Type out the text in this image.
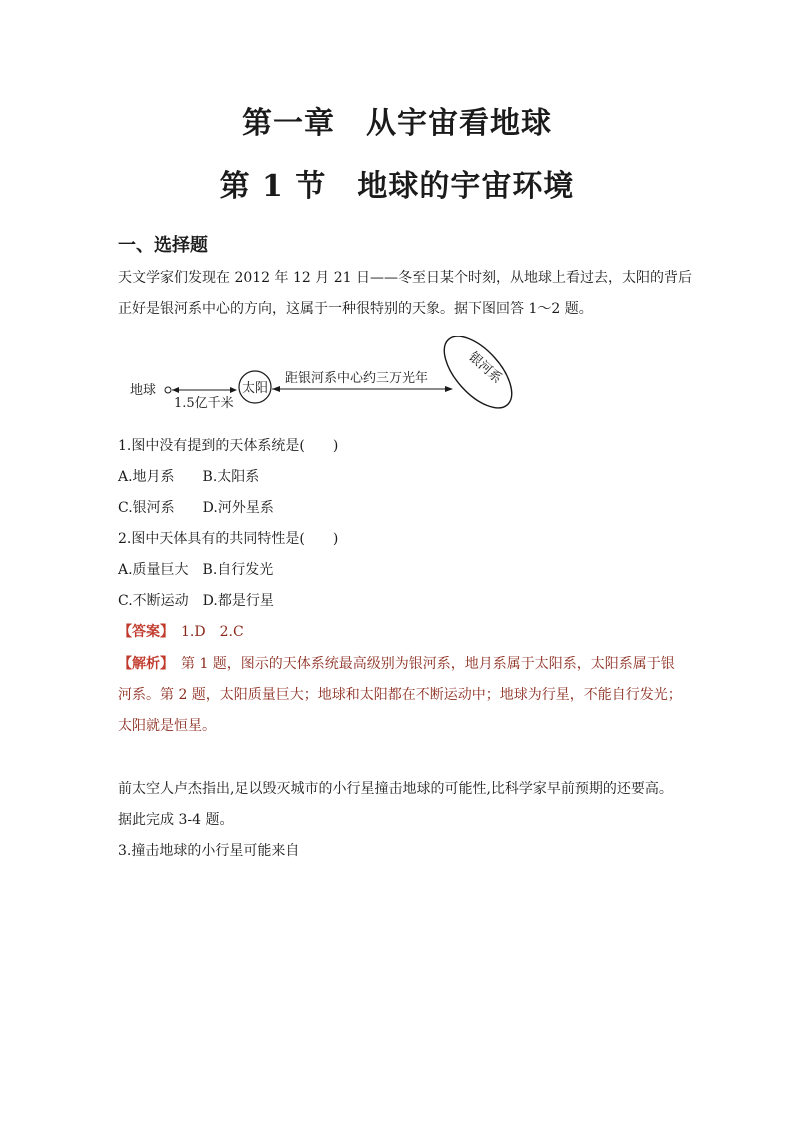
第一章　从宇宙看地球
第 1 节　地球的宇宙环境
一、选择题
天文学家们发现在 2012 年 12 月 21 日——冬至日某个时刻，从地球上看过去，太阳的背后
正好是银河系中心的方向，这属于一种很特别的天象。据下图回答 1～2 题。
地球
1.5亿千米
太阳
距银河系中心约三万光年	银河系
1.图中没有提到的天体系统是(　　)
A.地月系　　B.太阳系
C.银河系　　D.河外星系
2.图中天体具有的共同特性是(　　)
A.质量巨大　B.自行发光
C.不断运动　D.都是行星
【答案】　1.D　2.C
【解析】　第 1 题，图示的天体系统最高级别为银河系，地月系属于太阳系，太阳系属于银
河系。第 2 题，太阳质量巨大；地球和太阳都在不断运动中；地球为行星，不能自行发光；
太阳就是恒星。
前太空人卢杰指出,足以毁灭城市的小行星撞击地球的可能性,比科学家早前预期的还要高。
据此完成 3-4 题。
3.撞击地球的小行星可能来自
